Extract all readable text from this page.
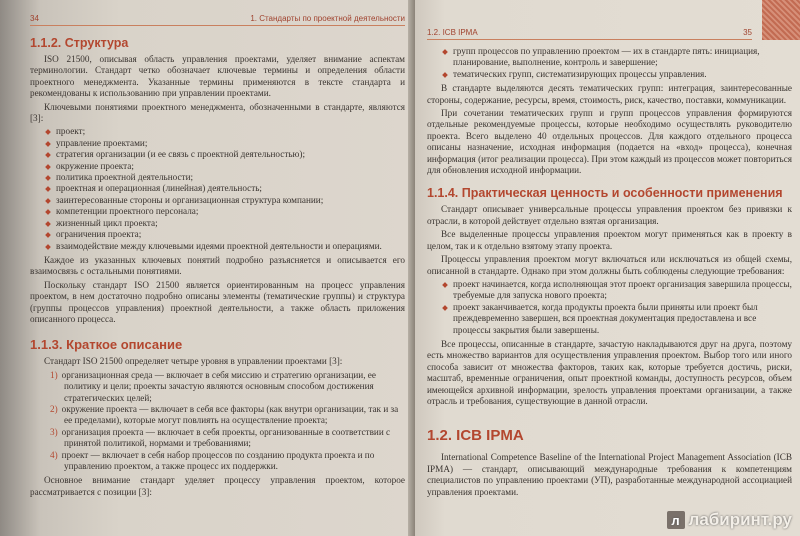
34	1. Стандарты по проектной деятельности
1.1.2. Структура

ISO 21500, описывая область управления проектами, уделяет внимание аспектам терминологии. Стандарт четко обозначает ключевые термины и определения области проектного менеджмента. Указанные термины применяются в тексте стандарта и рекомендованы к использованию при управлении проектами.

Ключевыми понятиями проектного менеджмента, обозначенными в стандарте, являются [3]:

проект;
управление проектами;
стратегия организации (и ее связь с проектной деятельностью);
окружение проекта;
политика проектной деятельности;
проектная и операционная (линейная) деятельность;
заинтересованные стороны и организационная структура компании;
компетенции проектного персонала;
жизненный цикл проекта;
ограничения проекта;
взаимодействие между ключевыми идеями проектной деятельности и операциями.

Каждое из указанных ключевых понятий подробно разъясняется и описывается его взаимосвязь с остальными понятиями.

Поскольку стандарт ISO 21500 является ориентированным на процесс управления проектом, в нем достаточно подробно описаны элементы (тематические группы) и структура (группы процессов управления) проектной деятельности, а также область приложения описанного процесса.

1.1.3. Краткое описание

Стандарт ISO 21500 определяет четыре уровня в управлении проектами [3]:

1) организационная среда — включает в себя миссию и стратегию организации, ее политику и цели; проекты зачастую являются основным способом достижения стратегических целей;
2) окружение проекта — включает в себя все факторы (как внутри организации, так и за ее пределами), которые могут повлиять на осуществление проекта;
3) организация проекта — включает в себя проекты, организованные в соответствии с принятой политикой, нормами и требованиями;
4) проект — включает в себя набор процессов по созданию продукта проекта и по управлению проектом, а также процесс их поддержки.

Основное внимание стандарт уделяет процессу управления проектом, которое рассматривается с позиции [3]:

1.2. ICB IPMA	35
групп процессов по управлению проектом — их в стандарте пять: инициация, планирование, выполнение, контроль и завершение;
тематических групп, систематизирующих процессы управления.

В стандарте выделяются десять тематических групп: интеграция, заинтересованные стороны, содержание, ресурсы, время, стоимость, риск, качество, поставки, коммуникации.

При сочетании тематических групп и групп процессов управления формируются отдельные рекомендуемые процессы, которые необходимо осуществлять руководителю проекта. Всего выделено 40 отдельных процессов. Для каждого отдельного процесса описаны назначение, исходная информация (подается на «вход» процесса), конечная информация (итог реализации процесса). При этом каждый из процессов может повториться для обновления исходной информации.

1.1.4. Практическая ценность и особенности применения

Стандарт описывает универсальные процессы управления проектом без привязки к отрасли, в которой действует отдельно взятая организация.

Все выделенные процессы управления проектом могут применяться как в проекту в целом, так и к отдельно взятому этапу проекта.

Процессы управления проектом могут включаться или исключаться из общей схемы, описанной в стандарте. Однако при этом должны быть соблюдены следующие требования:

проект начинается, когда исполняющая этот проект организация завершила процессы, требуемые для запуска нового проекта;
проект заканчивается, когда продукты проекта были приняты или проект был преждевременно завершен, вся проектная документация предоставлена и все процессы закрытия были завершены.

Все процессы, описанные в стандарте, зачастую накладываются друг на друга, поэтому есть множество вариантов для осуществления управления проектом. Выбор того или иного способа зависит от множества факторов, таких как, которые требуется достичь, риски, масштаб, временные ограничения, опыт проектной команды, доступность ресурсов, объем имеющейся архивной информации, зрелость управления проектами организации, а также отрасль и требования, существующие в данной отрасли.

1.2. ICB IPMA

International Competence Baseline of the International Project Management Association (ICB IPMA) — стандарт, описывающий международные требования к компетенциям специалистов по управлению проектами (УП), разработанные международной ассоциацией управления проектами.

л лабиринт.ру
